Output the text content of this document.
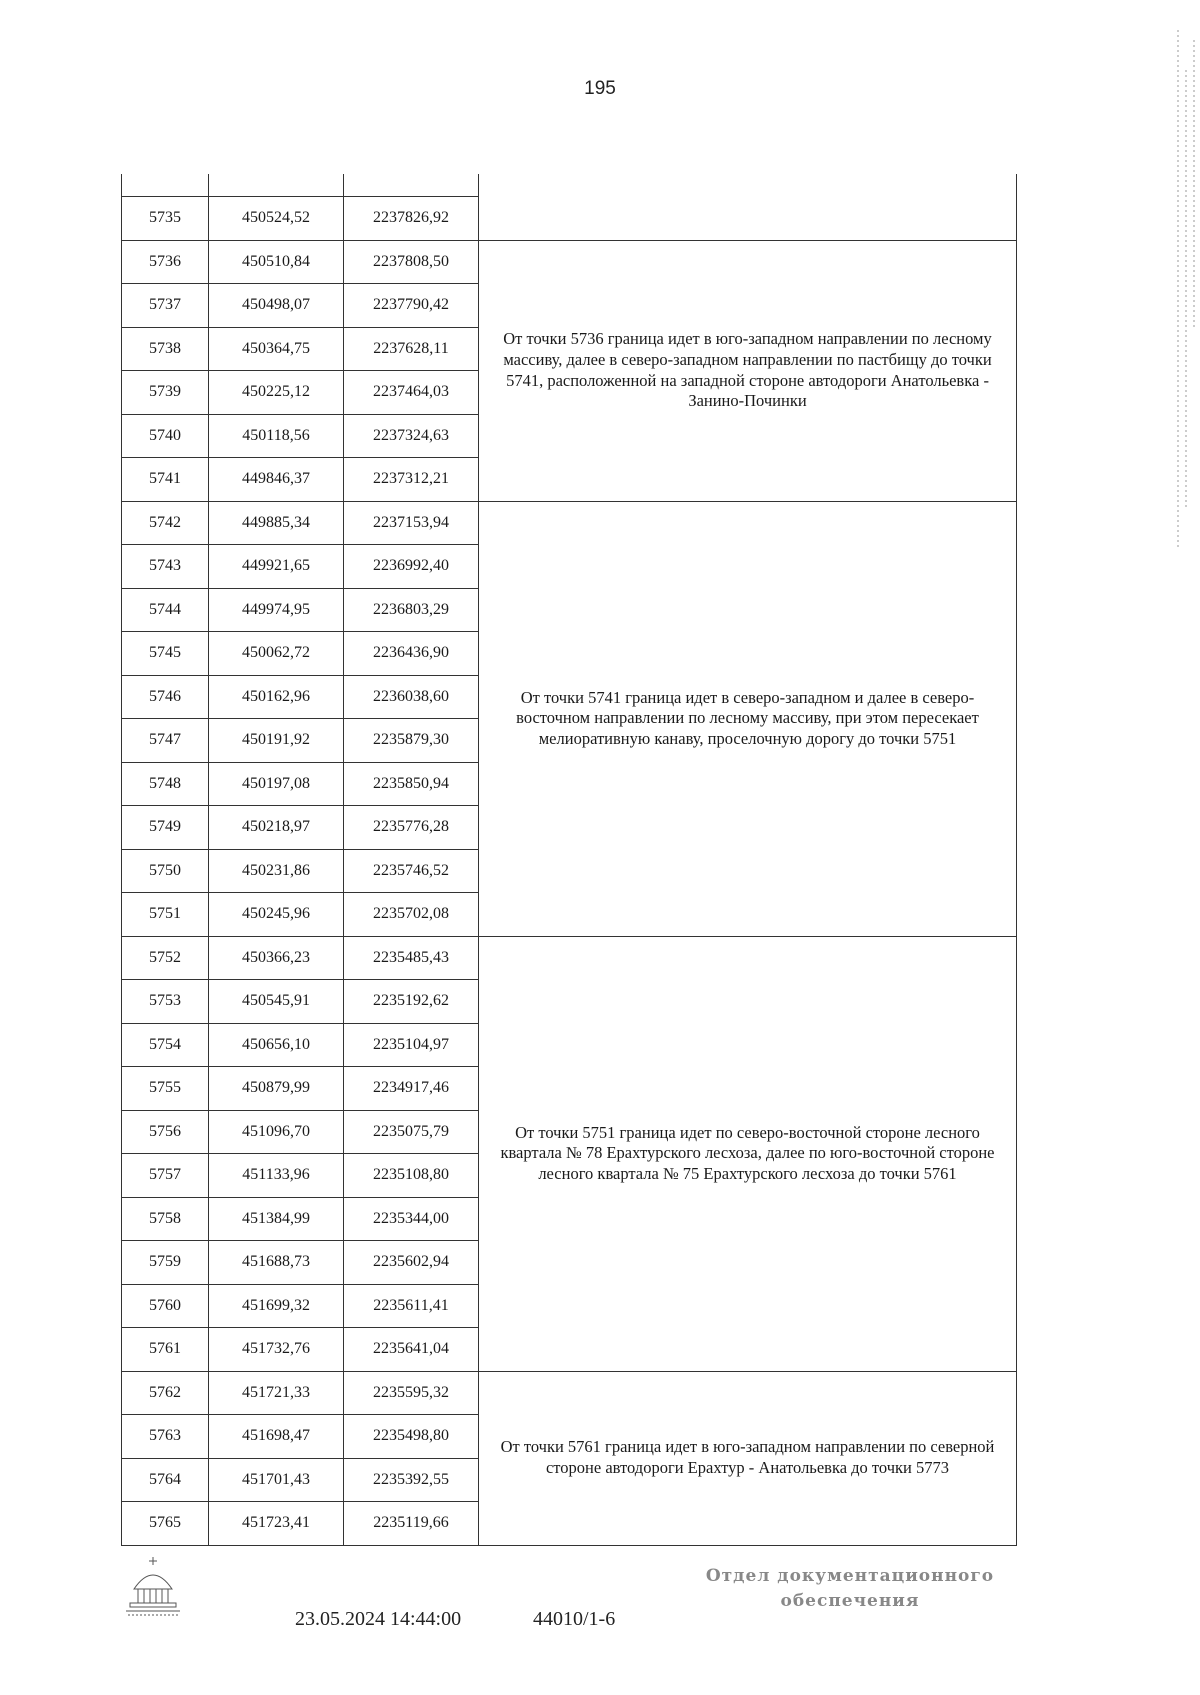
195

5735	450524,52	2237826,92	
5736	450510,84	2237808,50	От точки 5736 граница идет в юго-западном направлении по лесному массиву, далее в северо-западном направлении по пастбищу до точки 5741, расположенной на западной стороне автодороги Анатольевка - Занино-Починки
5737	450498,07	2237790,42	
5738	450364,75	2237628,11	
5739	450225,12	2237464,03	
5740	450118,56	2237324,63	
5741	449846,37	2237312,21	
5742	449885,34	2237153,94	От точки 5741 граница идет в северо-западном и далее в северо-восточном направлении по лесному массиву, при этом пересекает мелиоративную канаву, проселочную дорогу до точки 5751
5743	449921,65	2236992,40	
5744	449974,95	2236803,29	
5745	450062,72	2236436,90	
5746	450162,96	2236038,60	
5747	450191,92	2235879,30	
5748	450197,08	2235850,94	
5749	450218,97	2235776,28	
5750	450231,86	2235746,52	
5751	450245,96	2235702,08	
5752	450366,23	2235485,43	От точки 5751 граница идет по северо-восточной стороне лесного квартала № 78 Ерахтурского лесхоза, далее по юго-восточной стороне лесного квартала № 75 Ерахтурского лесхоза до точки 5761
5753	450545,91	2235192,62	
5754	450656,10	2235104,97	
5755	450879,99	2234917,46	
5756	451096,70	2235075,79	
5757	451133,96	2235108,80	
5758	451384,99	2235344,00	
5759	451688,73	2235602,94	
5760	451699,32	2235611,41	
5761	451732,76	2235641,04	
5762	451721,33	2235595,32	От точки 5761 граница идет в юго-западном направлении по северной стороне автодороги Ерахтур - Анатольевка до точки 5773
5763	451698,47	2235498,80	
5764	451701,43	2235392,55	
5765	451723,41	2235119,66	
23.05.2024 14:44:00	44010/1-6
Отдел документационного
обеспечения
